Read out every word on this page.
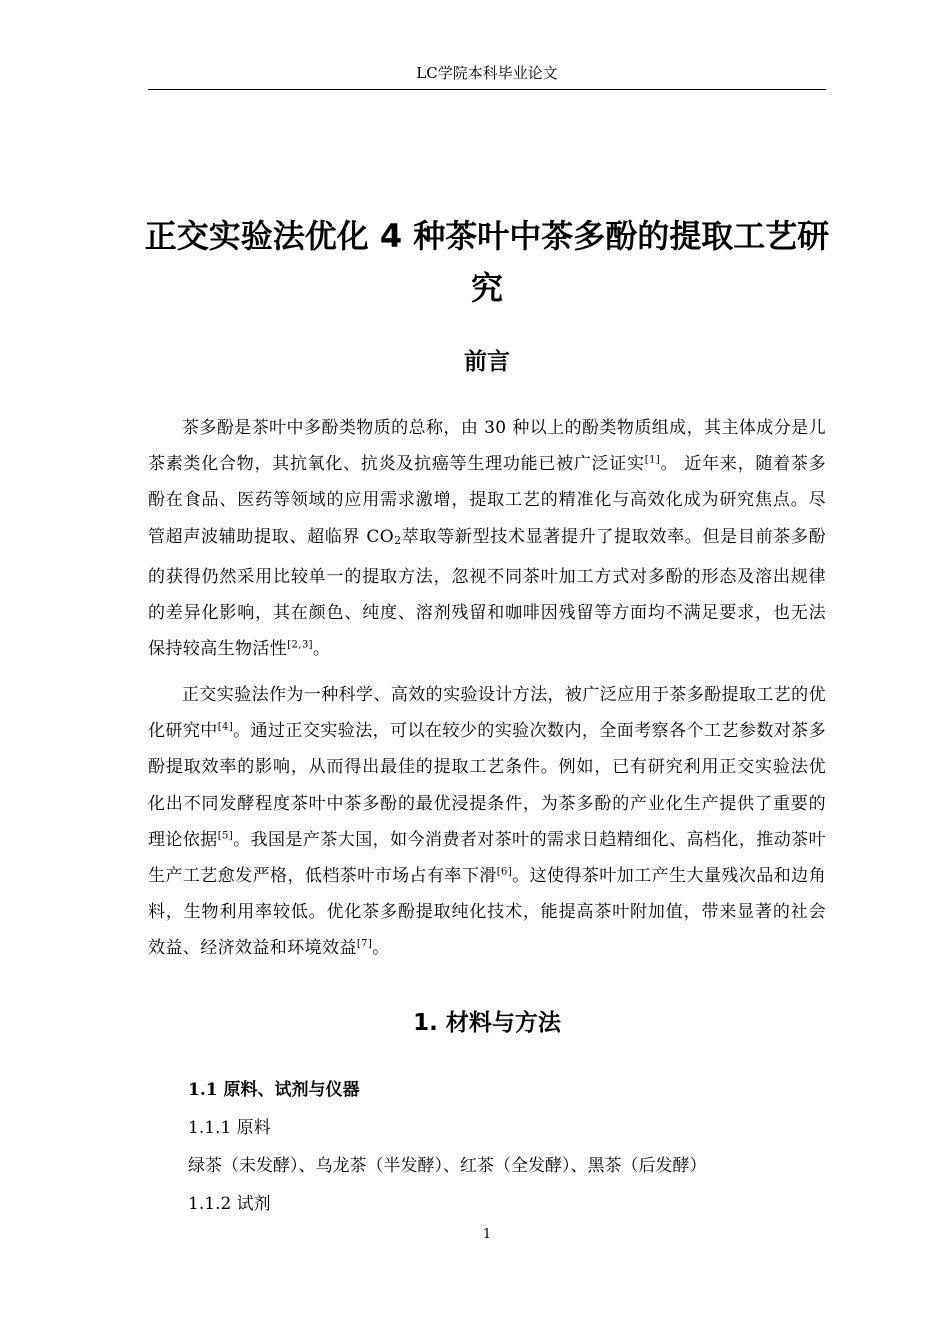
LC学院本科毕业论文
正交实验法优化 4 种茶叶中茶多酚的提取工艺研究
前言

茶多酚是茶叶中多酚类物质的总称，由 30 种以上的酚类物质组成，其主体成分是儿茶素类化合物，其抗氧化、抗炎及抗癌等生理功能已被广泛证实[1]。 近年来，随着茶多酚在食品、医药等领域的应用需求激增，提取工艺的精准化与高效化成为研究焦点。尽管超声波辅助提取、超临界 CO2萃取等新型技术显著提升了提取效率。但是目前茶多酚的获得仍然采用比较单一的提取方法，忽视不同茶叶加工方式对多酚的形态及溶出规律的差异化影响，其在颜色、纯度、溶剂残留和咖啡因残留等方面均不满足要求，也无法保持较高生物活性[2,3]。

正交实验法作为一种科学、高效的实验设计方法，被广泛应用于茶多酚提取工艺的优化研究中[4]。通过正交实验法，可以在较少的实验次数内，全面考察各个工艺参数对茶多酚提取效率的影响，从而得出最佳的提取工艺条件。例如，已有研究利用正交实验法优化出不同发酵程度茶叶中茶多酚的最优浸提条件，为茶多酚的产业化生产提供了重要的理论依据[5]。我国是产茶大国，如今消费者对茶叶的需求日趋精细化、高档化，推动茶叶生产工艺愈发严格，低档茶叶市场占有率下滑[6]。这使得茶叶加工产生大量残次品和边角料，生物利用率较低。优化茶多酚提取纯化技术，能提高茶叶附加值，带来显著的社会效益、经济效益和环境效益[7]。

1. 材料与方法
1.1 原料、试剂与仪器
1.1.1 原料
绿茶（未发酵）、乌龙茶（半发酵）、红茶（全发酵）、黑茶（后发酵）
1.1.2 试剂
1
